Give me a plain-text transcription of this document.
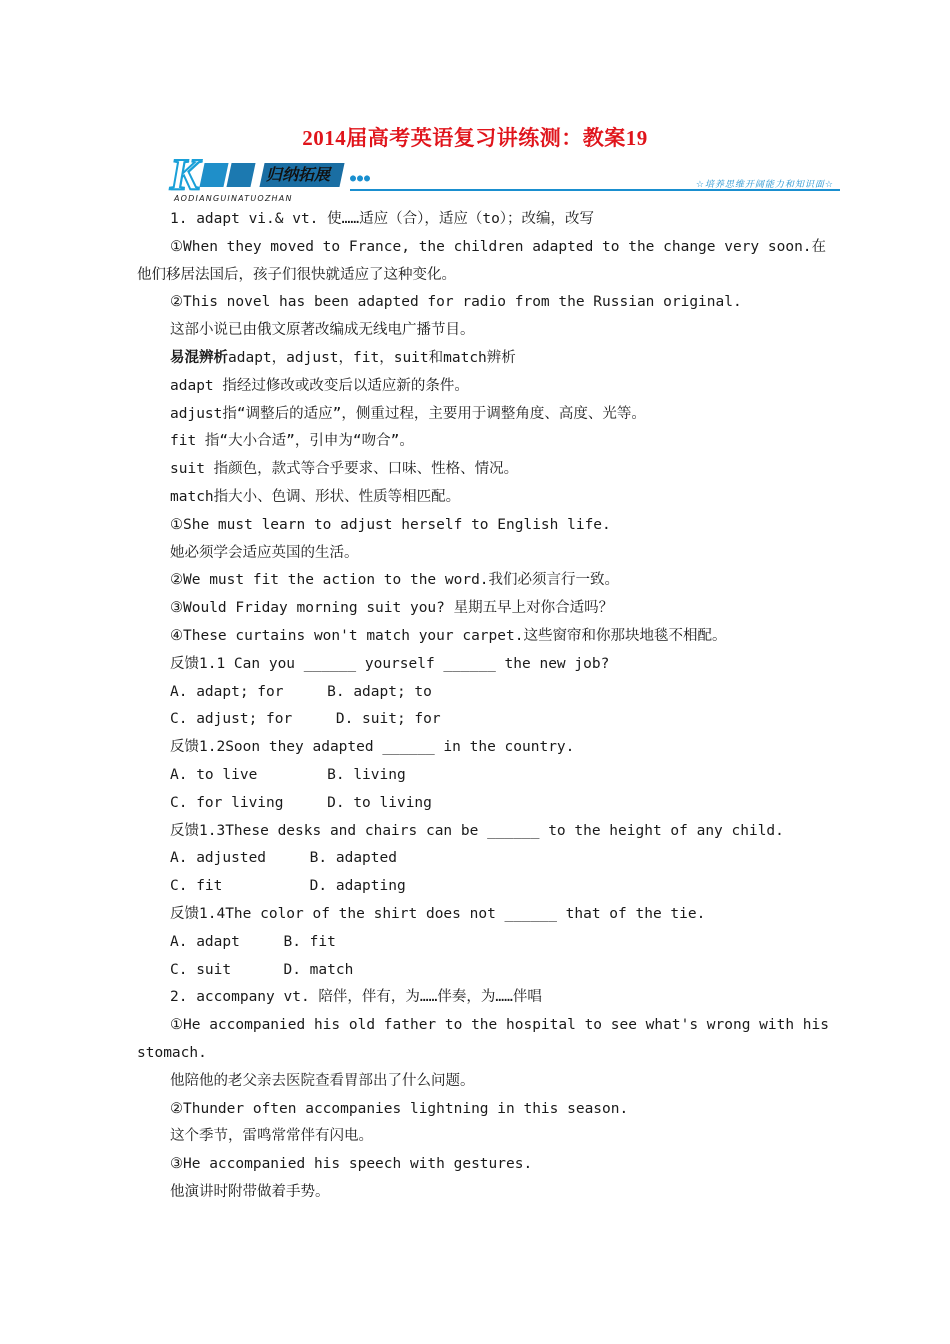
2014届高考英语复习讲练测：教案19
K	归纳拓展 ●●●
AODIANGUINATUOZHAN
☆培养思维开阔能力和知识面☆

1. adapt vi.& vt. 使……适应（合），适应（to）；改编，改写

①When they moved to France, the children adapted to the change very soon.在

他们移居法国后，孩子们很快就适应了这种变化。

②This novel has been adapted for radio from the Russian original.

这部小说已由俄文原著改编成无线电广播节目。

易混辨析adapt，adjust，fit，suit和match辨析

adapt 指经过修改或改变后以适应新的条件。

adjust指“调整后的适应”，侧重过程，主要用于调整角度、高度、光等。

fit 指“大小合适”，引申为“吻合”。

suit 指颜色，款式等合乎要求、口味、性格、情况。

match指大小、色调、形状、性质等相匹配。

①She must learn to adjust herself to English life.

她必须学会适应英国的生活。

②We must fit the action to the word.我们必须言行一致。

③Would Friday morning suit you? 星期五早上对你合适吗？

④These curtains won't match your carpet.这些窗帘和你那块地毯不相配。

反馈1.1 Can you ______ yourself ______ the new job?

A. adapt; for     B. adapt; to

C. adjust; for     D. suit; for

反馈1.2Soon they adapted ______ in the country.

A. to live        B. living

C. for living     D. to living

反馈1.3These desks and chairs can be ______ to the height of any child.

A. adjusted     B. adapted

C. fit          D. adapting

反馈1.4The color of the shirt does not ______ that of the tie.

A. adapt     B. fit

C. suit      D. match

2. accompany vt. 陪伴，伴有，为……伴奏，为……伴唱

①He accompanied his old father to the hospital to see what's wrong with his

stomach.

他陪他的老父亲去医院查看胃部出了什么问题。

②Thunder often accompanies lightning in this season.

这个季节，雷鸣常常伴有闪电。

③He accompanied his speech with gestures.

他演讲时附带做着手势。
